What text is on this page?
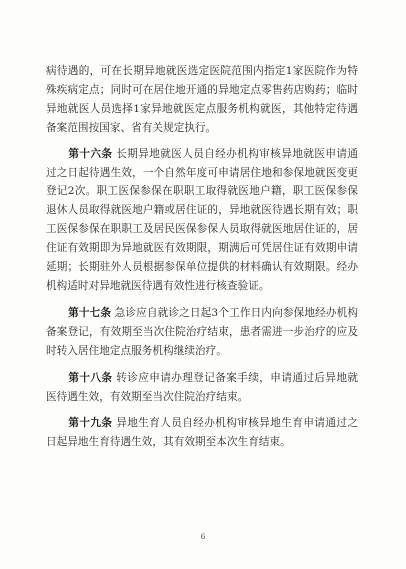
病待遇的，可在长期异地就医选定医院范围内指定1家医院作为特殊疾病定点；同时可在居住地开通的异地定点零售药店购药；临时异地就医人员选择1家异地就医定点服务机构就医，其他特定待遇备案范围按国家、省有关规定执行。

第十六条 长期异地就医人员自经办机构审核异地就医申请通过之日起待遇生效，一个自然年度可申请居住地和参保地就医变更登记2次。职工医保参保在职职工取得就医地户籍，职工医保参保退休人员取得就医地户籍或居住证的，异地就医待遇长期有效；职工医保参保在职职工及居民医保参保人员取得就医地居住证的，居住证有效期即为异地就医有效期限，期满后可凭居住证有效期申请延期；长期驻外人员根据参保单位提供的材料确认有效期限。经办机构适时对异地就医待遇有效性进行核查验证。

第十七条 急诊应自就诊之日起3个工作日内向参保地经办机构备案登记，有效期至当次住院治疗结束，患者需进一步治疗的应及时转入居住地定点服务机构继续治疗。

第十八条 转诊应申请办理登记备案手续，申请通过后异地就医待遇生效，有效期至当次住院治疗结束。

第十九条 异地生育人员自经办机构审核异地生育申请通过之日起异地生育待遇生效，其有效期至本次生育结束。

6
